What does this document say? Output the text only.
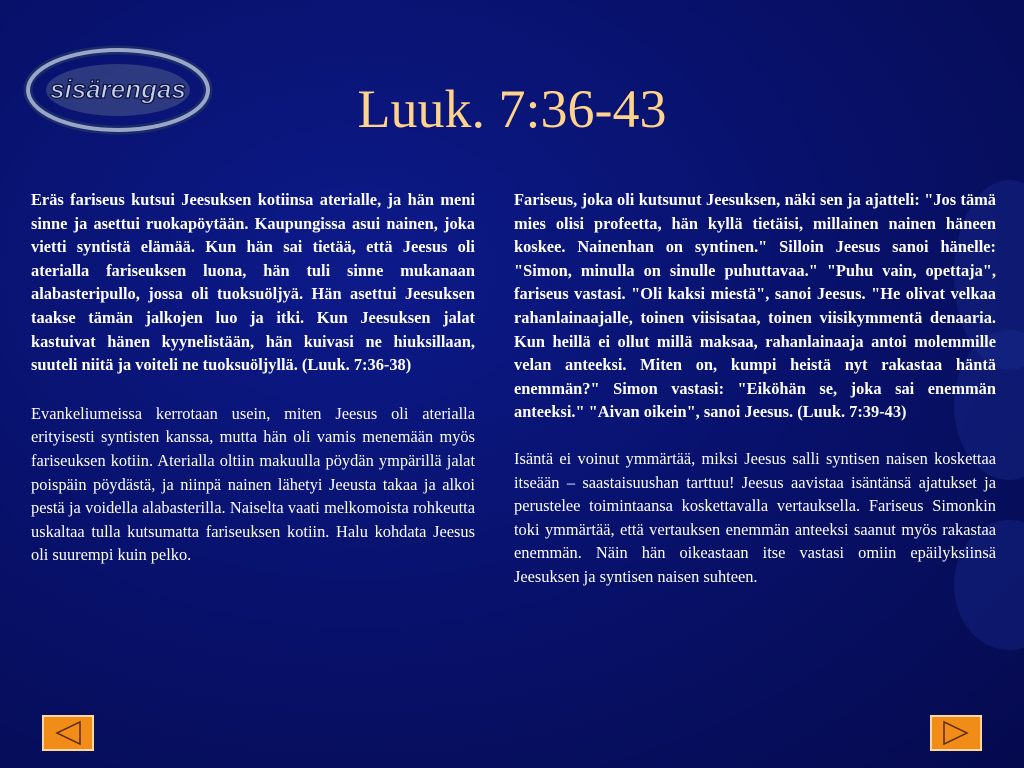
sisärengas	Luuk. 7:36-43

Eräs fariseus kutsui Jeesuksen kotiinsa aterialle, ja hän meni sinne ja asettui ruokapöytään. Kaupungissa asui nainen, joka vietti syntistä elämää. Kun hän sai tietää, että Jeesus oli aterialla fariseuksen luona, hän tuli sinne mukanaan alabasteripullo, jossa oli tuoksuöljyä. Hän asettui Jeesuksen taakse tämän jalkojen luo ja itki. Kun Jeesuksen jalat kastuivat hänen kyynelistään, hän kuivasi ne hiuksillaan, suuteli niitä ja voiteli ne tuoksuöljyllä. (Luuk. 7:36-38)

Evankeliumeissa kerrotaan usein, miten Jeesus oli aterialla erityisesti syntisten kanssa, mutta hän oli vamis menemään myös fariseuksen kotiin. Aterialla oltiin makuulla pöydän ympärillä jalat poispäin pöydästä, ja niinpä nainen lähetyi Jeeusta takaa ja alkoi pestä ja voidella alabasterilla. Naiselta vaati melkomoista rohkeutta uskaltaa tulla kutsumatta fariseuksen kotiin. Halu kohdata Jeesus oli suurempi kuin pelko.

Fariseus, joka oli kutsunut Jeesuksen, näki sen ja ajatteli: "Jos tämä mies olisi profeetta, hän kyllä tietäisi, millainen nainen häneen koskee. Nainenhan on syntinen." Silloin Jeesus sanoi hänelle: "Simon, minulla on sinulle puhuttavaa." "Puhu vain, opettaja", fariseus vastasi. "Oli kaksi miestä", sanoi Jeesus. "He olivat velkaa rahanlainaajalle, toinen viisisataa, toinen viisikymmentä denaaria. Kun heillä ei ollut millä maksaa, rahanlainaaja antoi molemmille velan anteeksi. Miten on, kumpi heistä nyt rakastaa häntä enemmän?" Simon vastasi: "Eiköhän se, joka sai enemmän anteeksi." "Aivan oikein", sanoi Jeesus. (Luuk. 7:39-43)

Isäntä ei voinut ymmärtää, miksi Jeesus salli syntisen naisen koskettaa itseään – saastaisuushan tarttuu! Jeesus aavistaa isäntänsä ajatukset ja perustelee toimintaansa koskettavalla vertauksella. Fariseus Simonkin toki ymmärtää, että vertauksen enemmän anteeksi saanut myös rakastaa enemmän. Näin hän oikeastaan itse vastasi omiin epäilyksiinsä Jeesuksen ja syntisen naisen suhteen.
